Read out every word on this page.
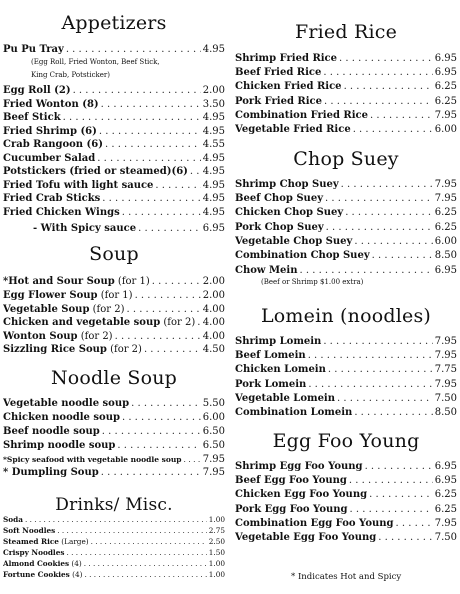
Appetizers
Pu Pu Tray . . .	4.95
(Egg Roll, Fried Wonton, Beef Stick,
King Crab, Potsticker)
Egg Roll (2) . . .	2.00
Fried Wonton (8) . . .	3.50
Beef Stick . . .	4.95
Fried Shrimp (6) . . .	4.95
Crab Rangoon (6) . . .	4.55
Cucumber Salad . . .	4.95
Potstickers (fried or steamed)(6) . . . 4.95
Fried Tofu with light sauce . . .	4.95
Fried Crab Sticks . . .	4.95
Fried Chicken Wings . . .	4.95
- With Spicy sauce . . .	6.95
Soup
*Hot and Sour Soup (for 1) . . .	2.00
Egg Flower Soup (for 1) . . .	2.00
Vegetable Soup (for 2) . . .	4.00
Chicken and vegetable soup (for 2) . . . 4.00
Wonton Soup (for 2) . . .	4.00
Sizzling Rice Soup (for 2) . . .	4.50
Noodle Soup
Vegetable noodle soup . . .	5.50
Chicken noodle soup . . .	6.00
Beef noodle soup . . .	6.50
Shrimp noodle soup . . .	6.50
*Spicy seafood with vegetable noodle soup . . . 7.95
* Dumpling Soup . . .	7.95
Drinks/ Misc.
Soda . . .	1.00
Soft Noodles . . .	2.75
Steamed Rice (Large) . . .	2.50
Crispy Noodles . . .	1.50
Almond Cookies (4) . . .	1.00
Fortune Cookies (4) . . .	1.00
Fried Rice
Shrimp Fried Rice . . .	6.95
Beef Fried Rice . . .	6.95
Chicken Fried Rice . . .	6.25
Pork Fried Rice . . .	6.25
Combination Fried Rice . . .	7.95
Vegetable Fried Rice . . .	6.00
Chop Suey
Shrimp Chop Suey . . .	7.95
Beef Chop Suey . . .	7.95
Chicken Chop Suey . . .	6.25
Pork Chop Suey . . .	6.25
Vegetable Chop Suey . . .	6.00
Combination Chop Suey . . .	8.50
Chow Mein . . .	6.95
(Beef or Shrimp $1.00 extra)
Lomein (noodles)
Shrimp Lomein . . .	7.95
Beef Lomein . . .	7.95
Chicken Lomein . . .	7.75
Pork Lomein . . .	7.95
Vegetable Lomein . . .	7.50
Combination Lomein . . .	8.50
Egg Foo Young
Shrimp Egg Foo Young . . .	6.95
Beef Egg Foo Young . . .	6.95
Chicken Egg Foo Young . . .	6.25
Pork Egg Foo Young . . .	6.25
Combination Egg Foo Young . . .	7.95
Vegetable Egg Foo Young . . .	7.50
* Indicates Hot and Spicy
